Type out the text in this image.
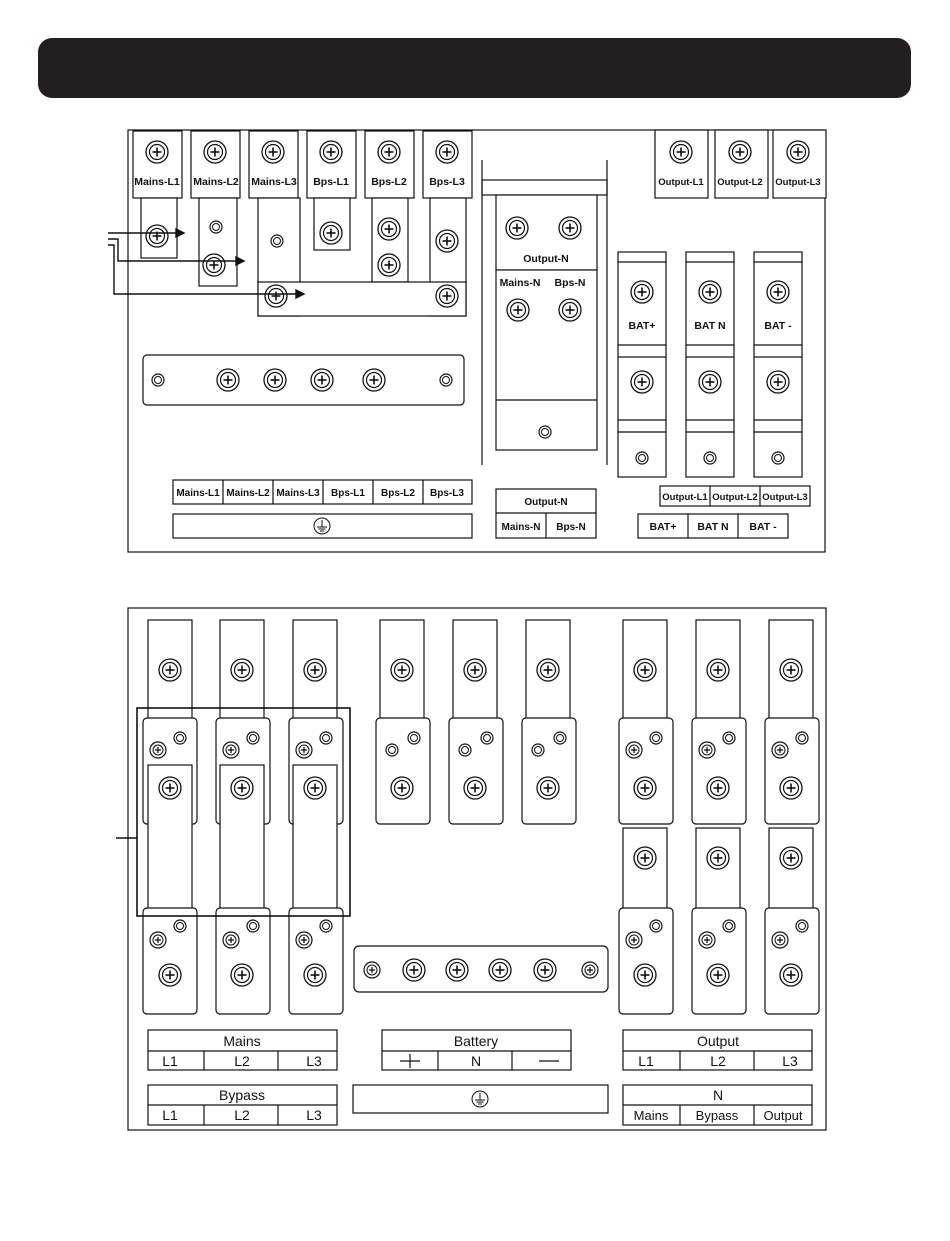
Mains-L1 Mains-L2 Mains-L3 Bps-L1 Bps-L2 Bps-L3	Output-L1 Output-L2 Output-L3
Output-N
Mains-N Bps-N
BAT+	BAT N	BAT -
Mains-L1 Mains-L2 Mains-L3 Bps-L1 Bps-L2 Bps-L3
Output-N
Mains-N Bps-N
Output-L1 Output-L2 Output-L3
BAT+ BAT N BAT -
Mains
L1	L2	L3
Battery
N
Output
L1	L2	L3
Bypass
L1	L2	L3
N
Mains Bypass Output
